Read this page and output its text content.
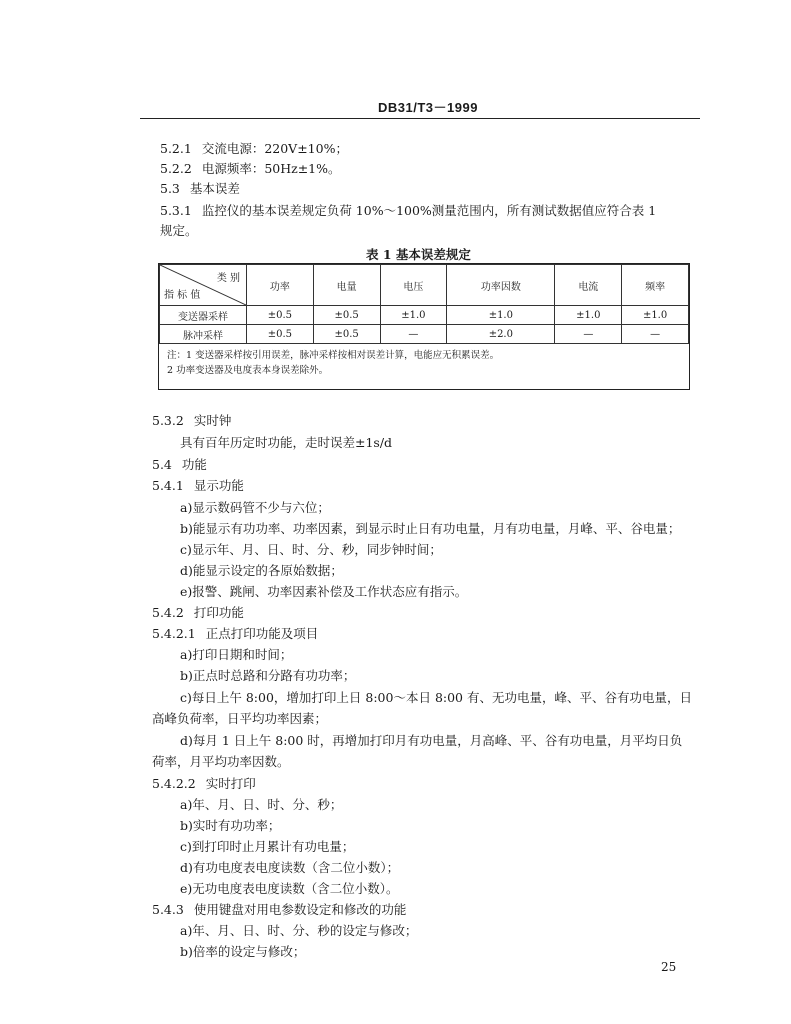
DB31/T3－1999
5.2.1 交流电源：220V±10%；
5.2.2 电源频率：50Hz±1%。
5.3 基本误差
5.3.1 监控仪的基本误差规定负荷 10%～100%测量范围内，所有测试数据值应符合表 1
规定。
表 1 基本误差规定
类 别
指 标 值	功率	电量	电压	功率因数	电流	频率
变送器采样	±0.5	±0.5	±1.0	±1.0	±1.0	±1.0
脉冲采样	±0.5	±0.5	—	±2.0	—	—
注：1 变送器采样按引用误差，脉冲采样按相对误差计算，电能应无积累误差。
2 功率变送器及电度表本身误差除外。
5.3.2 实时钟
具有百年历定时功能，走时误差±1s/d
5.4 功能
5.4.1 显示功能
a)显示数码管不少与六位；
b)能显示有功功率、功率因素，到显示时止日有功电量，月有功电量，月峰、平、谷电量；
c)显示年、月、日、时、分、秒，同步钟时间；
d)能显示设定的各原始数据；
e)报警、跳闸、功率因素补偿及工作状态应有指示。
5.4.2 打印功能
5.4.2.1 正点打印功能及项目
a)打印日期和时间；
b)正点时总路和分路有功功率；
c)每日上午 8:00，增加打印上日 8:00～本日 8:00 有、无功电量，峰、平、谷有功电量，日
高峰负荷率，日平均功率因素；
d)每月 1 日上午 8:00 时，再增加打印月有功电量，月高峰、平、谷有功电量，月平均日负
荷率，月平均功率因数。
5.4.2.2 实时打印
a)年、月、日、时、分、秒；
b)实时有功功率；
c)到打印时止月累计有功电量；
d)有功电度表电度读数（含二位小数）；
e)无功电度表电度读数（含二位小数）。
5.4.3 使用键盘对用电参数设定和修改的功能
a)年、月、日、时、分、秒的设定与修改；
b)倍率的设定与修改；
25
